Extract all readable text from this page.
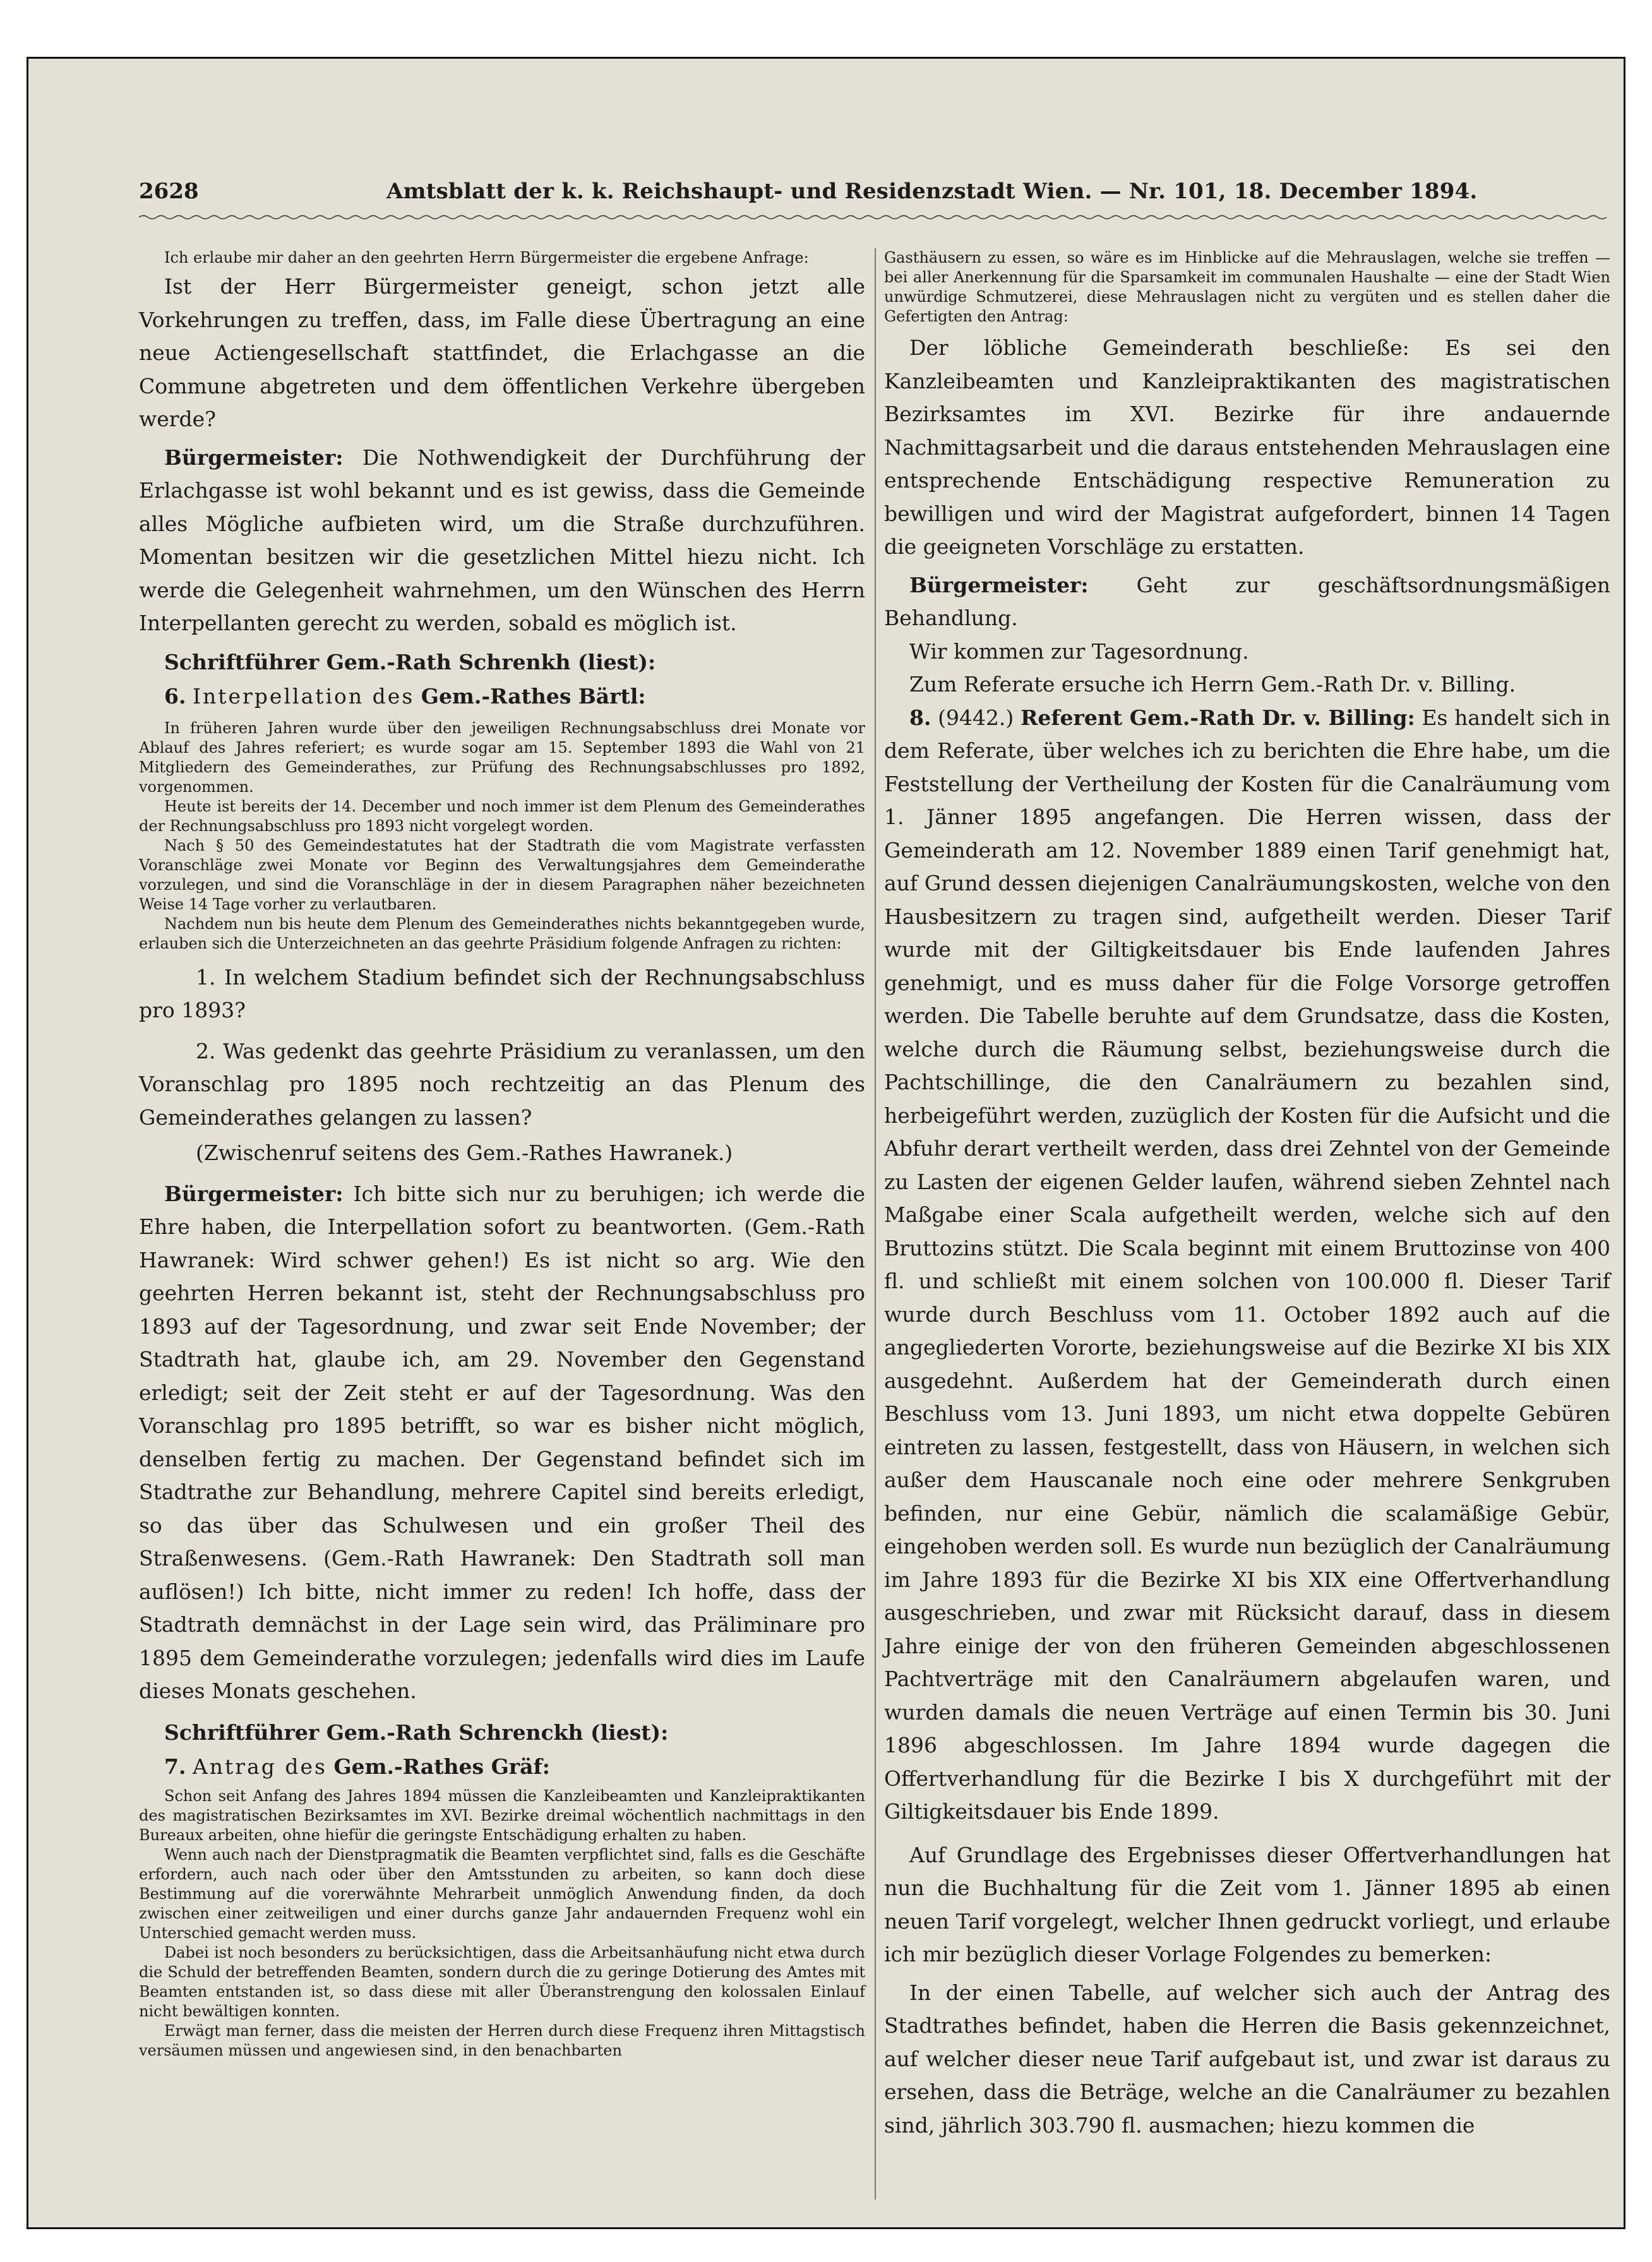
2628	Amtsblatt der k. k. Reichshaupt- und Residenzstadt Wien. — Nr. 101, 18. December 1894.

Ich erlaube mir daher an den geehrten Herrn Bürgermeister die ergebene Anfrage:

Ist der Herr Bürgermeister geneigt, schon jetzt alle Vorkehrungen zu treffen, dass, im Falle diese Übertragung an eine neue Actiengesellschaft stattfindet, die Erlachgasse an die Commune abgetreten und dem öffentlichen Verkehre übergeben werde?

Bürgermeister: Die Nothwendigkeit der Durchführung der Erlachgasse ist wohl bekannt und es ist gewiss, dass die Gemeinde alles Mögliche aufbieten wird, um die Straße durchzuführen. Momentan besitzen wir die gesetzlichen Mittel hiezu nicht. Ich werde die Gelegenheit wahrnehmen, um den Wünschen des Herrn Interpellanten gerecht zu werden, sobald es möglich ist.

Schriftführer Gem.-Rath Schrenkh (liest):

6. Interpellation des Gem.-Rathes Bärtl:

In früheren Jahren wurde über den jeweiligen Rechnungsabschluss drei Monate vor Ablauf des Jahres referiert; es wurde sogar am 15. September 1893 die Wahl von 21 Mitgliedern des Gemeinderathes, zur Prüfung des Rechnungsabschlusses pro 1892, vorgenommen.

Heute ist bereits der 14. December und noch immer ist dem Plenum des Gemeinderathes der Rechnungsabschluss pro 1893 nicht vorgelegt worden.

Nach § 50 des Gemeindestatutes hat der Stadtrath die vom Magistrate verfassten Voranschläge zwei Monate vor Beginn des Verwaltungsjahres dem Gemeinderathe vorzulegen, und sind die Voranschläge in der in diesem Paragraphen näher bezeichneten Weise 14 Tage vorher zu verlautbaren.

Nachdem nun bis heute dem Plenum des Gemeinderathes nichts bekanntgegeben wurde, erlauben sich die Unterzeichneten an das geehrte Präsidium folgende Anfragen zu richten:

1. In welchem Stadium befindet sich der Rechnungsabschluss pro 1893?

2. Was gedenkt das geehrte Präsidium zu veranlassen, um den Voranschlag pro 1895 noch rechtzeitig an das Plenum des Gemeinderathes gelangen zu lassen?

(Zwischenruf seitens des Gem.-Rathes Hawranek.)

Bürgermeister: Ich bitte sich nur zu beruhigen; ich werde die Ehre haben, die Interpellation sofort zu beantworten. (Gem.-Rath Hawranek: Wird schwer gehen!) Es ist nicht so arg. Wie den geehrten Herren bekannt ist, steht der Rechnungsabschluss pro 1893 auf der Tagesordnung, und zwar seit Ende November; der Stadtrath hat, glaube ich, am 29. November den Gegenstand erledigt; seit der Zeit steht er auf der Tagesordnung. Was den Voranschlag pro 1895 betrifft, so war es bisher nicht möglich, denselben fertig zu machen. Der Gegenstand befindet sich im Stadtrathe zur Behandlung, mehrere Capitel sind bereits erledigt, so das über das Schulwesen und ein großer Theil des Straßenwesens. (Gem.-Rath Hawranek: Den Stadtrath soll man auflösen!) Ich bitte, nicht immer zu reden! Ich hoffe, dass der Stadtrath demnächst in der Lage sein wird, das Präliminare pro 1895 dem Gemeinderathe vorzulegen; jedenfalls wird dies im Laufe dieses Monats geschehen.

Schriftführer Gem.-Rath Schrenckh (liest):

7. Antrag des Gem.-Rathes Gräf:

Schon seit Anfang des Jahres 1894 müssen die Kanzleibeamten und Kanzleipraktikanten des magistratischen Bezirksamtes im XVI. Bezirke dreimal wöchentlich nachmittags in den Bureaux arbeiten, ohne hiefür die geringste Entschädigung erhalten zu haben.

Wenn auch nach der Dienstpragmatik die Beamten verpflichtet sind, falls es die Geschäfte erfordern, auch nach oder über den Amtsstunden zu arbeiten, so kann doch diese Bestimmung auf die vorerwähnte Mehrarbeit unmöglich Anwendung finden, da doch zwischen einer zeitweiligen und einer durchs ganze Jahr andauernden Frequenz wohl ein Unterschied gemacht werden muss.

Dabei ist noch besonders zu berücksichtigen, dass die Arbeitsanhäufung nicht etwa durch die Schuld der betreffenden Beamten, sondern durch die zu geringe Dotierung des Amtes mit Beamten entstanden ist, so dass diese mit aller Überanstrengung den kolossalen Einlauf nicht bewältigen konnten.

Erwägt man ferner, dass die meisten der Herren durch diese Frequenz ihren Mittagstisch versäumen müssen und angewiesen sind, in den benachbarten

Gasthäusern zu essen, so wäre es im Hinblicke auf die Mehrauslagen, welche sie treffen — bei aller Anerkennung für die Sparsamkeit im communalen Haushalte — eine der Stadt Wien unwürdige Schmutzerei, diese Mehrauslagen nicht zu vergüten und es stellen daher die Gefertigten den Antrag:

Der löbliche Gemeinderath beschließe: Es sei den Kanzleibeamten und Kanzleipraktikanten des magistratischen Bezirksamtes im XVI. Bezirke für ihre andauernde Nachmittagsarbeit und die daraus entstehenden Mehrauslagen eine entsprechende Entschädigung respective Remuneration zu bewilligen und wird der Magistrat aufgefordert, binnen 14 Tagen die geeigneten Vorschläge zu erstatten.

Bürgermeister: Geht zur geschäftsordnungsmäßigen Behandlung.

Wir kommen zur Tagesordnung.

Zum Referate ersuche ich Herrn Gem.-Rath Dr. v. Billing.

8. (9442.) Referent Gem.-Rath Dr. v. Billing: Es handelt sich in dem Referate, über welches ich zu berichten die Ehre habe, um die Feststellung der Vertheilung der Kosten für die Canalräumung vom 1. Jänner 1895 angefangen. Die Herren wissen, dass der Gemeinderath am 12. November 1889 einen Tarif genehmigt hat, auf Grund dessen diejenigen Canalräumungskosten, welche von den Hausbesitzern zu tragen sind, aufgetheilt werden. Dieser Tarif wurde mit der Giltigkeitsdauer bis Ende laufenden Jahres genehmigt, und es muss daher für die Folge Vorsorge getroffen werden. Die Tabelle beruhte auf dem Grundsatze, dass die Kosten, welche durch die Räumung selbst, beziehungsweise durch die Pachtschillinge, die den Canalräumern zu bezahlen sind, herbeigeführt werden, zuzüglich der Kosten für die Aufsicht und die Abfuhr derart vertheilt werden, dass drei Zehntel von der Gemeinde zu Lasten der eigenen Gelder laufen, während sieben Zehntel nach Maßgabe einer Scala aufgetheilt werden, welche sich auf den Bruttozins stützt. Die Scala beginnt mit einem Bruttozinse von 400 fl. und schließt mit einem solchen von 100.000 fl. Dieser Tarif wurde durch Beschluss vom 11. October 1892 auch auf die angegliederten Vororte, beziehungsweise auf die Bezirke XI bis XIX ausgedehnt. Außerdem hat der Gemeinderath durch einen Beschluss vom 13. Juni 1893, um nicht etwa doppelte Gebüren eintreten zu lassen, festgestellt, dass von Häusern, in welchen sich außer dem Hauscanale noch eine oder mehrere Senkgruben befinden, nur eine Gebür, nämlich die scalamäßige Gebür, eingehoben werden soll. Es wurde nun bezüglich der Canalräumung im Jahre 1893 für die Bezirke XI bis XIX eine Offertverhandlung ausgeschrieben, und zwar mit Rücksicht darauf, dass in diesem Jahre einige der von den früheren Gemeinden abgeschlossenen Pachtverträge mit den Canalräumern abgelaufen waren, und wurden damals die neuen Verträge auf einen Termin bis 30. Juni 1896 abgeschlossen. Im Jahre 1894 wurde dagegen die Offertverhandlung für die Bezirke I bis X durchgeführt mit der Giltigkeitsdauer bis Ende 1899.

Auf Grundlage des Ergebnisses dieser Offertverhandlungen hat nun die Buchhaltung für die Zeit vom 1. Jänner 1895 ab einen neuen Tarif vorgelegt, welcher Ihnen gedruckt vorliegt, und erlaube ich mir bezüglich dieser Vorlage Folgendes zu bemerken:

In der einen Tabelle, auf welcher sich auch der Antrag des Stadtrathes befindet, haben die Herren die Basis gekennzeichnet, auf welcher dieser neue Tarif aufgebaut ist, und zwar ist daraus zu ersehen, dass die Beträge, welche an die Canalräumer zu bezahlen sind, jährlich 303.790 fl. ausmachen; hiezu kommen die
